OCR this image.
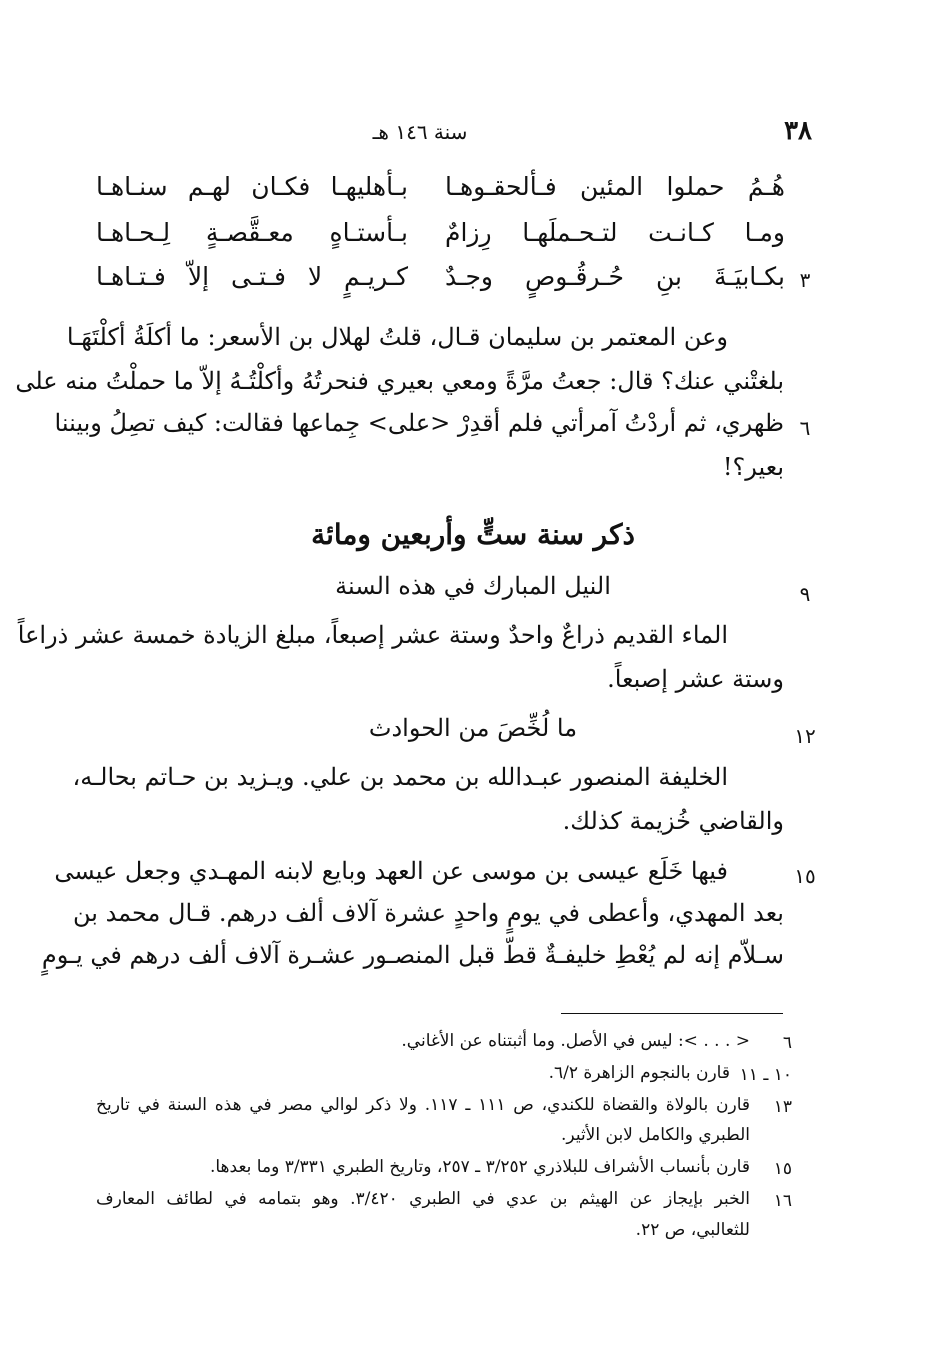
٣٨
سنة ١٤٦ هـ
هُـمُ حملوا المئين فـألحقـوهـا
بـأهليهـا فكـان لهـم سنـاهـا
ومـا كـانـت لتـحـملَهـا رِزامٌ
بـأستـاهٍ معـقَّصـةٍ لِـحـاهـا
٣
بكـابيَـةَ بنِ حُـرقُـوصٍ وجـدٌ
كـريـمٍ لا فـتـى إلاّ فـتـاهـا
وعن المعتمر بن سليمان قـال، قلتُ لهلال بن الأسعر: ما أكلَةُ أكلْتَهَـا
بلغتْني عنك؟ قال: جعتُ مرَّةً ومعي بعيري فنحرتُهُ وأكلْتُـهُ إلاّ ما حملْتُ منه على
٦
ظهري، ثم أردْتُ آمرأتي فلم أقدِرْ <على> جِماعها فقالت: كيف تصِلُ وبيننا
بعير؟!
ذكر سنة ستٍّ وأربعين ومائة
٩
النيل المبارك في هذه السنة
الماء القديم ذراعٌ واحدٌ وستة عشر إصبعاً، مبلغ الزيادة خمسة عشر ذراعاً
وستة عشر إصبعاً.
١٢
ما لُخِّصَ من الحوادث
الخليفة المنصور عبـدالله بن محمد بن علي. ويـزيد بن حـاتم بحالـه،
والقاضي خُزيمة كذلك.
١٥
فيها خَلَع عيسى بن موسى عن العهد وبايع لابنه المهـدي وجعل عيسى
بعد المهدي، وأعطى في يومٍ واحدٍ عشرة آلاف ألف درهم. قـال محمد بن
سـلاّم إنه لم يُعْطِ خليفـةٌ قطّ قبل المنصـور عشـرة آلاف ألف درهم في يـومٍ
٦
< . . . >: ليس في الأصل. وما أثبتناه عن الأغاني.
١٠ ـ ١١
قارن بالنجوم الزاهرة ٦/٢.
١٣
قارن بالولاة والقضاة للكندي، ص ١١١ ـ ١١٧. ولا ذكر لوالي مصر في هذه السنة في تاريخ
الطبري والكامل لابن الأثير.
١٥
قارن بأنساب الأشراف للبلاذري ٣/٢٥٢ ـ ٢٥٧، وتاريخ الطبري ٣/٣٣١ وما بعدها.
١٦
الخبر بإيجاز عن الهيثم بن عدي في الطبري ٣/٤٢٠. وهو بتمامه في لطائف المعارف
للثعالبي، ص ٢٢.
